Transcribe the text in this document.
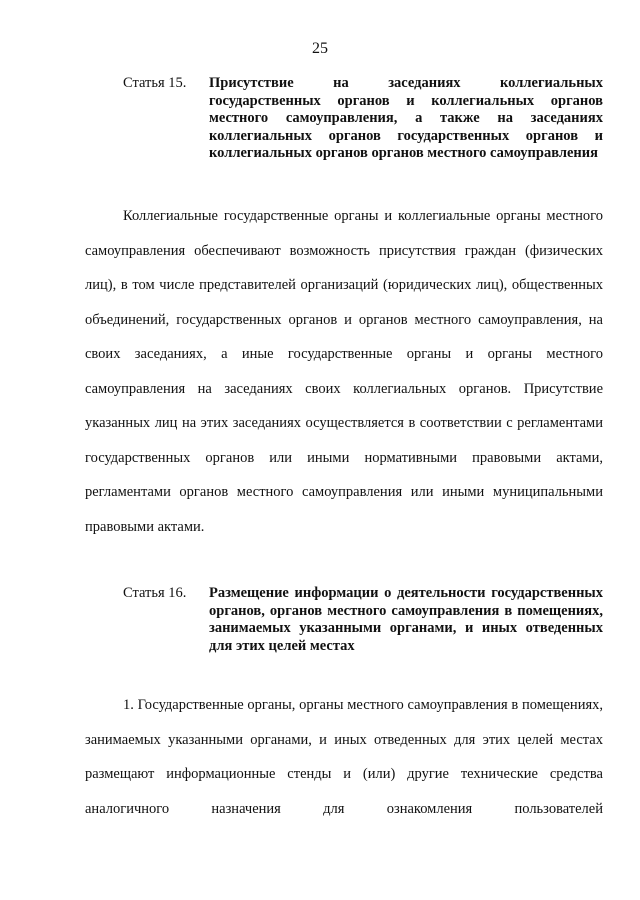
25
Статья 15.	Присутствие на заседаниях коллегиальных государственных органов и коллегиальных органов местного самоуправления, а также на заседаниях коллегиальных органов государственных органов и коллегиальных органов органов местного самоуправления

Коллегиальные государственные органы и коллегиальные органы местного самоуправления обеспечивают возможность присутствия граждан (физических лиц), в том числе представителей организаций (юридических лиц), общественных объединений, государственных органов и органов местного самоуправления, на своих заседаниях, а иные государственные органы и органы местного самоуправления на заседаниях своих коллегиальных органов. Присутствие указанных лиц на этих заседаниях осуществляется в соответствии с регламентами государственных органов или иными нормативными правовыми актами, регламентами органов местного самоуправления или иными муниципальными правовыми актами.

Статья 16.	Размещение информации о деятельности государственных органов, органов местного самоуправления в помещениях, занимаемых указанными органами, и иных отведенных для этих целей местах

1. Государственные органы, органы местного самоуправления в помещениях, занимаемых указанными органами, и иных отведенных для этих целей местах размещают информационные стенды и (или) другие технические средства аналогичного назначения для ознакомления пользователей
